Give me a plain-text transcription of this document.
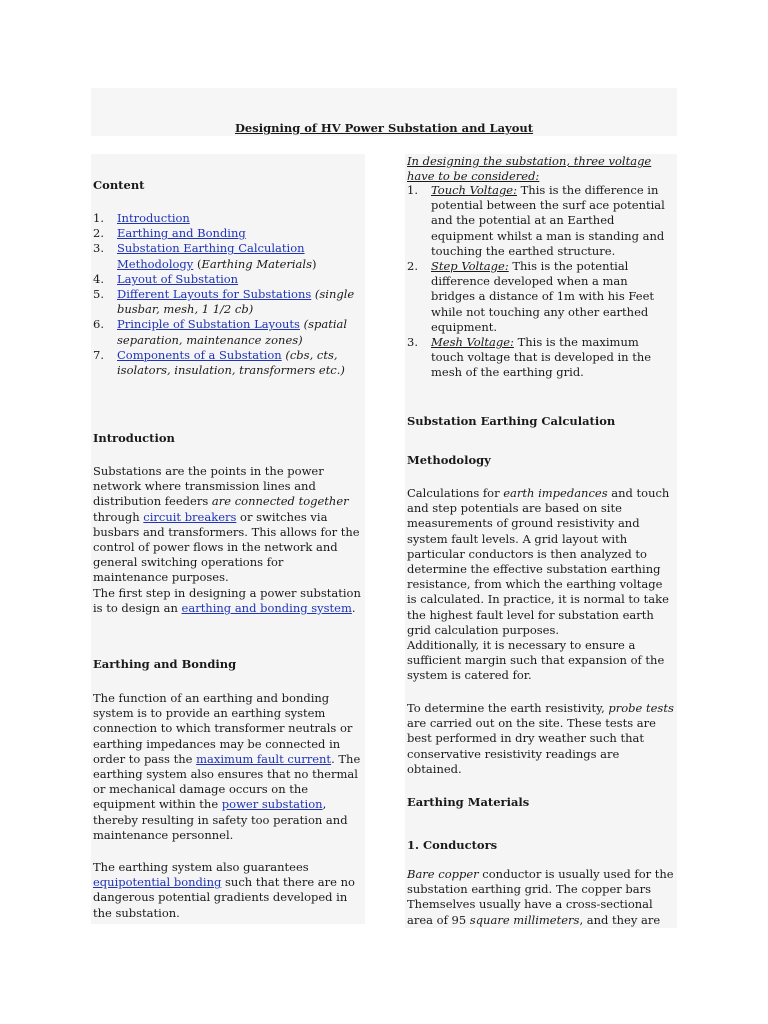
Designing of HV Power Substation and Layout
Content
1. Introduction
2. Earthing and Bonding
3. Substation Earthing Calculation Methodology (Earthing Materials)
4. Layout of Substation
5. Different Layouts for Substations (single busbar, mesh, 1 1/2 cb)
6. Principle of Substation Layouts (spatial separation, maintenance zones)
7. Components of a Substation (cbs, cts, isolators, insulation, transformers etc.)
Introduction

Substations are the points in the power network where transmission lines and distribution feeders are connected together through circuit breakers or switches via busbars and transformers. This allows for the control of power flows in the network and general switching operations for maintenance purposes.
The first step in designing a power substation is to design an earthing and bonding system.

Earthing and Bonding

The function of an earthing and bonding system is to provide an earthing system connection to which transformer neutrals or earthing impedances may be connected in order to pass the maximum fault current. The earthing system also ensures that no thermal or mechanical damage occurs on the equipment within the power substation, thereby resulting in safety too peration and maintenance personnel.

The earthing system also guarantees equipotential bonding such that there are no dangerous potential gradients developed in the substation.

In designing the substation, three voltage have to be considered:

1. Touch Voltage: This is the difference in potential between the surf ace potential and the potential at an Earthed equipment whilst a man is standing and touching the earthed structure.
2. Step Voltage: This is the potential difference developed when a man bridges a distance of 1m with his Feet while not touching any other earthed equipment.
3. Mesh Voltage: This is the maximum touch voltage that is developed in the mesh of the earthing grid.
Substation Earthing Calculation
Methodology

Calculations for earth impedances and touch and step potentials are based on site measurements of ground resistivity and system fault levels. A grid layout with particular conductors is then analyzed to determine the effective substation earthing resistance, from which the earthing voltage is calculated. In practice, it is normal to take the highest fault level for substation earth grid calculation purposes.
Additionally, it is necessary to ensure a sufficient margin such that expansion of the system is catered for.

To determine the earth resistivity, probe tests are carried out on the site. These tests are best performed in dry weather such that conservative resistivity readings are obtained.

Earthing Materials
1. Conductors

Bare copper conductor is usually used for the substation earthing grid. The copper bars Themselves usually have a cross-sectional area of 95 square millimeters, and they are
